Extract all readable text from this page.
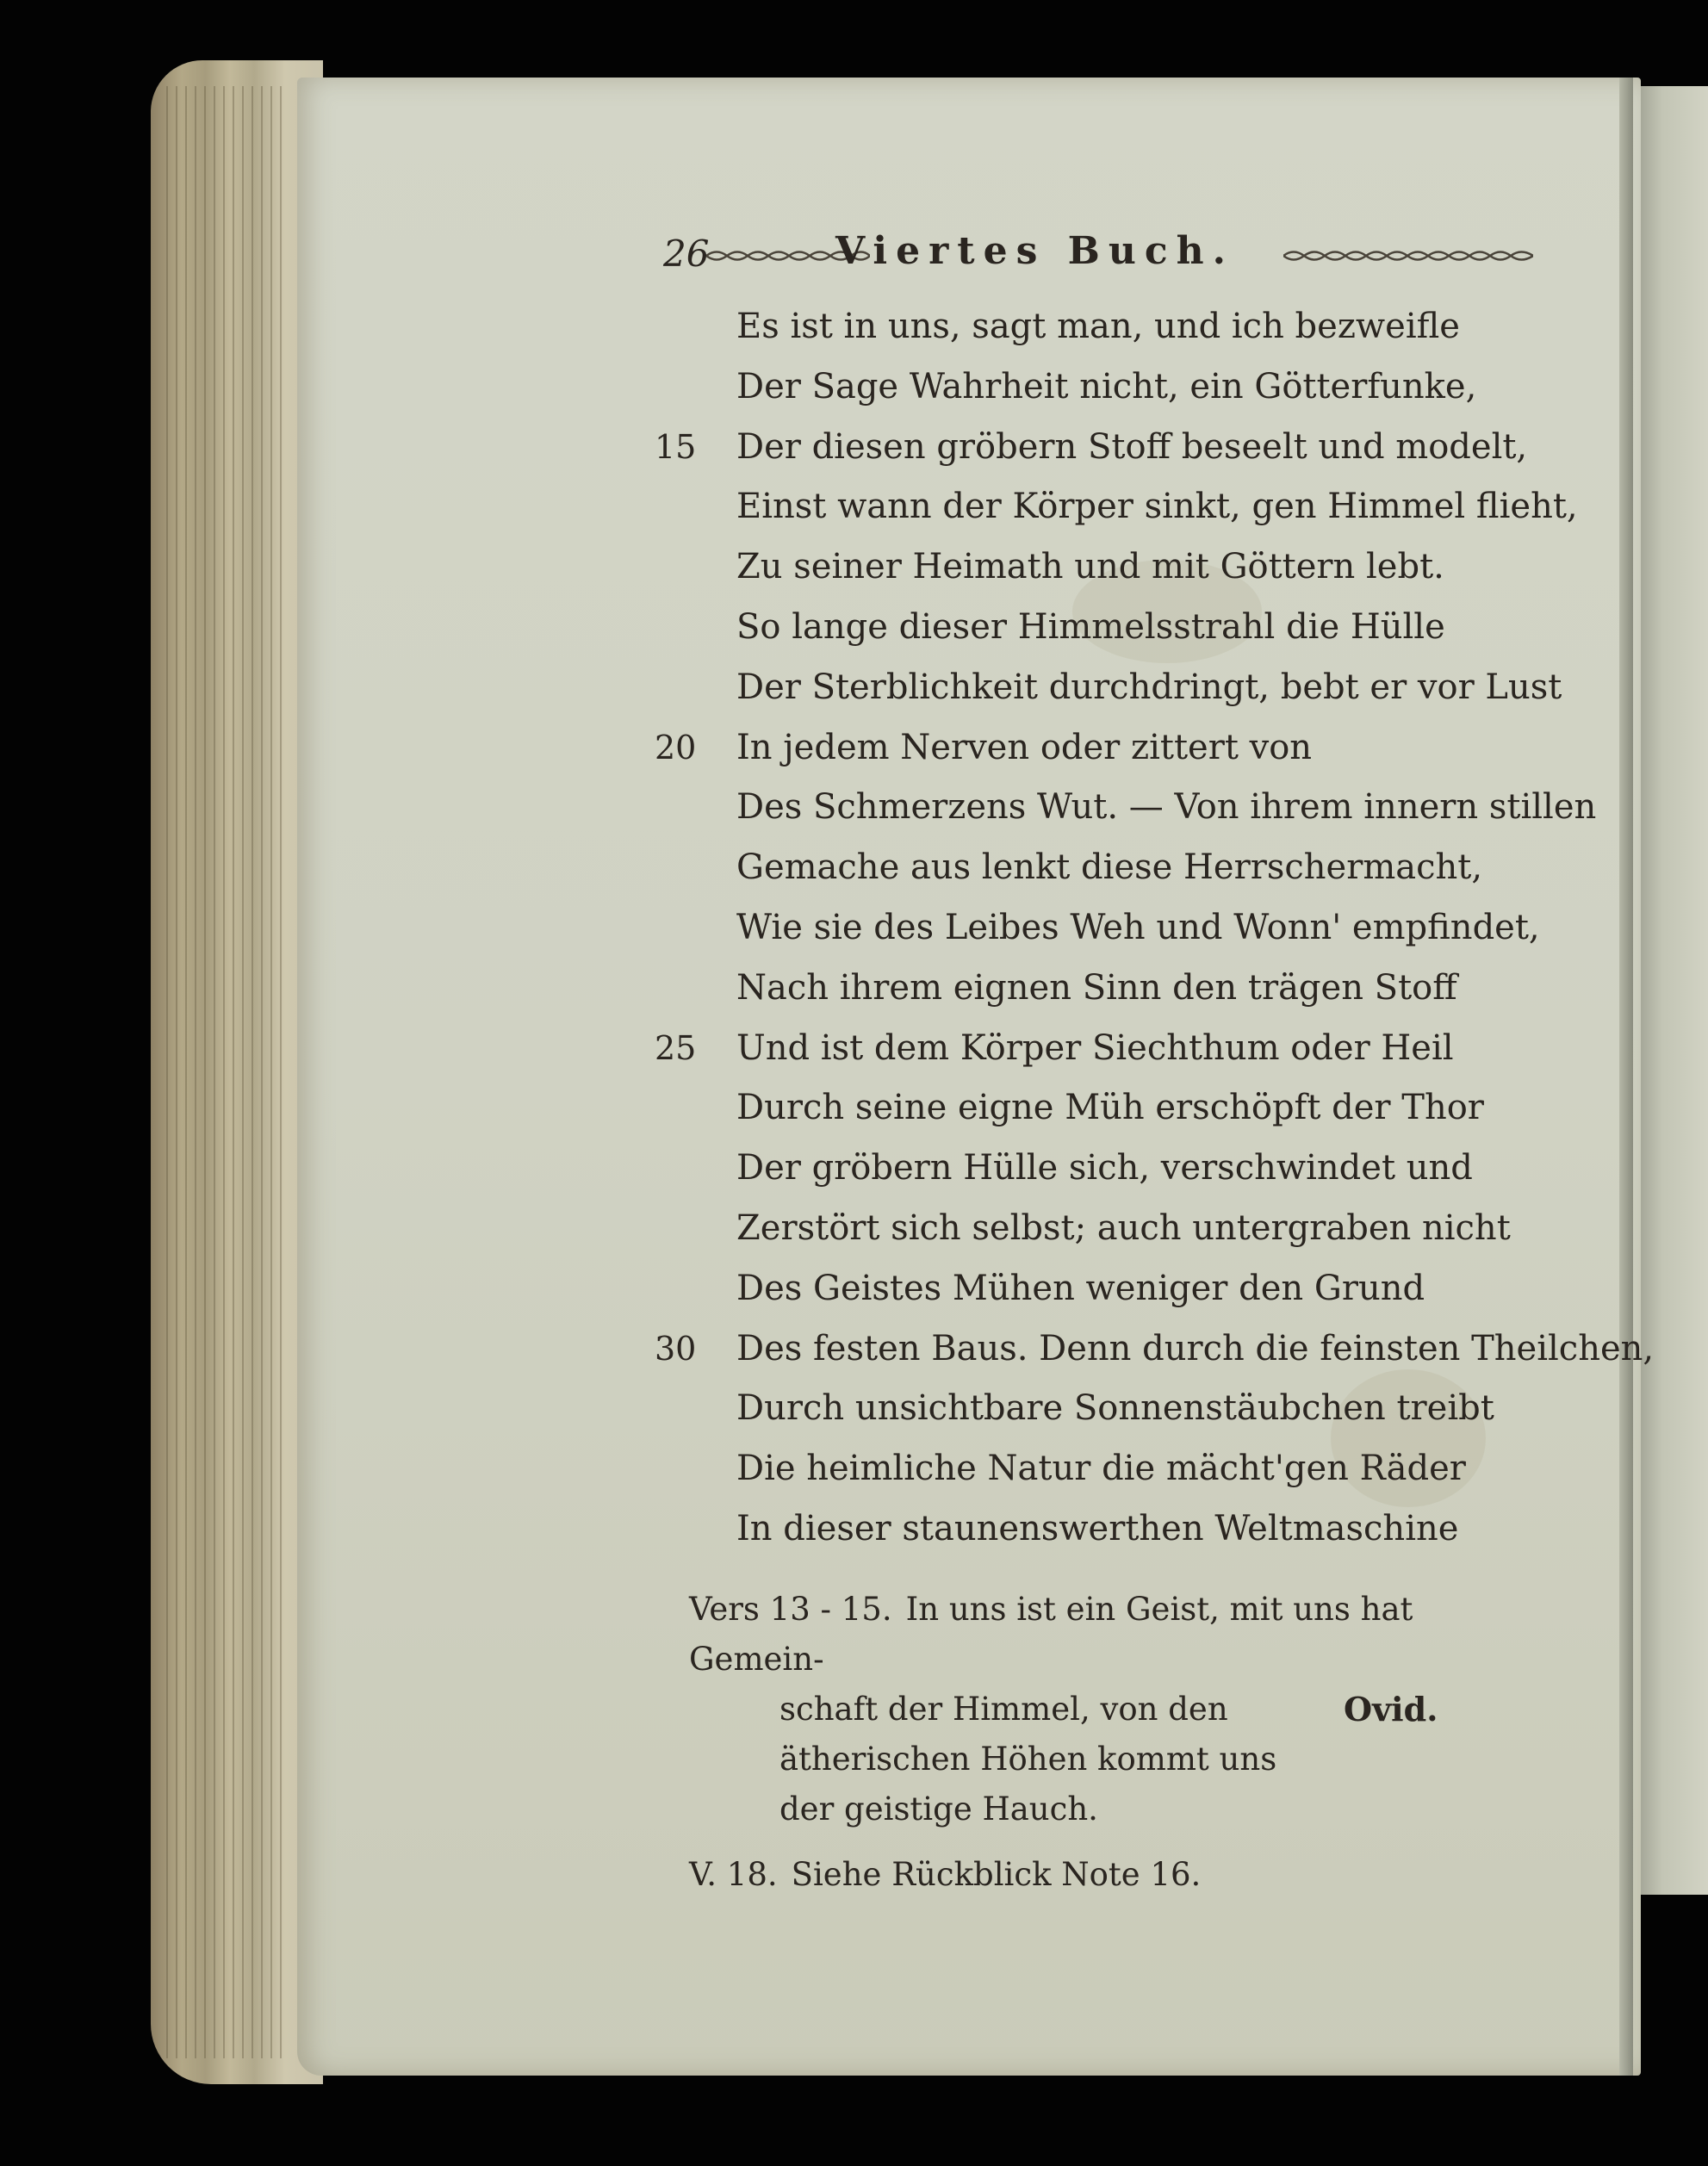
26	Viertes Buch.
Es ist in uns, sagt man, und ich bezweifle
Der Sage Wahrheit nicht, ein Götterfunke,
15	Der diesen gröbern Stoff beseelt und modelt,
Einst wann der Körper sinkt, gen Himmel flieht,
Zu seiner Heimath und mit Göttern lebt.
So lange dieser Himmelsstrahl die Hülle
Der Sterblichkeit durchdringt, bebt er vor Lust
20	In jedem Nerven oder zittert von
Des Schmerzens Wut. — Von ihrem innern stillen
Gemache aus lenkt diese Herrschermacht,
Wie sie des Leibes Weh und Wonn' empfindet,
Nach ihrem eignen Sinn den trägen Stoff
25	Und ist dem Körper Siechthum oder Heil
Durch seine eigne Müh erschöpft der Thor
Der gröbern Hülle sich, verschwindet und
Zerstört sich selbst; auch untergraben nicht
Des Geistes Mühen weniger den Grund
30	Des festen Baus. Denn durch die feinsten Theilchen,
Durch unsichtbare Sonnenstäubchen treibt
Die heimliche Natur die mächt'gen Räder
In dieser staunenswerthen Weltmaschine
Vers 13 - 15. In uns ist ein Geist, mit uns hat Gemein-
schaft der Himmel, von den ätherischen Höhen kommt uns der geistige Hauch.
Ovid.
V. 18. Siehe Rückblick Note 16.
